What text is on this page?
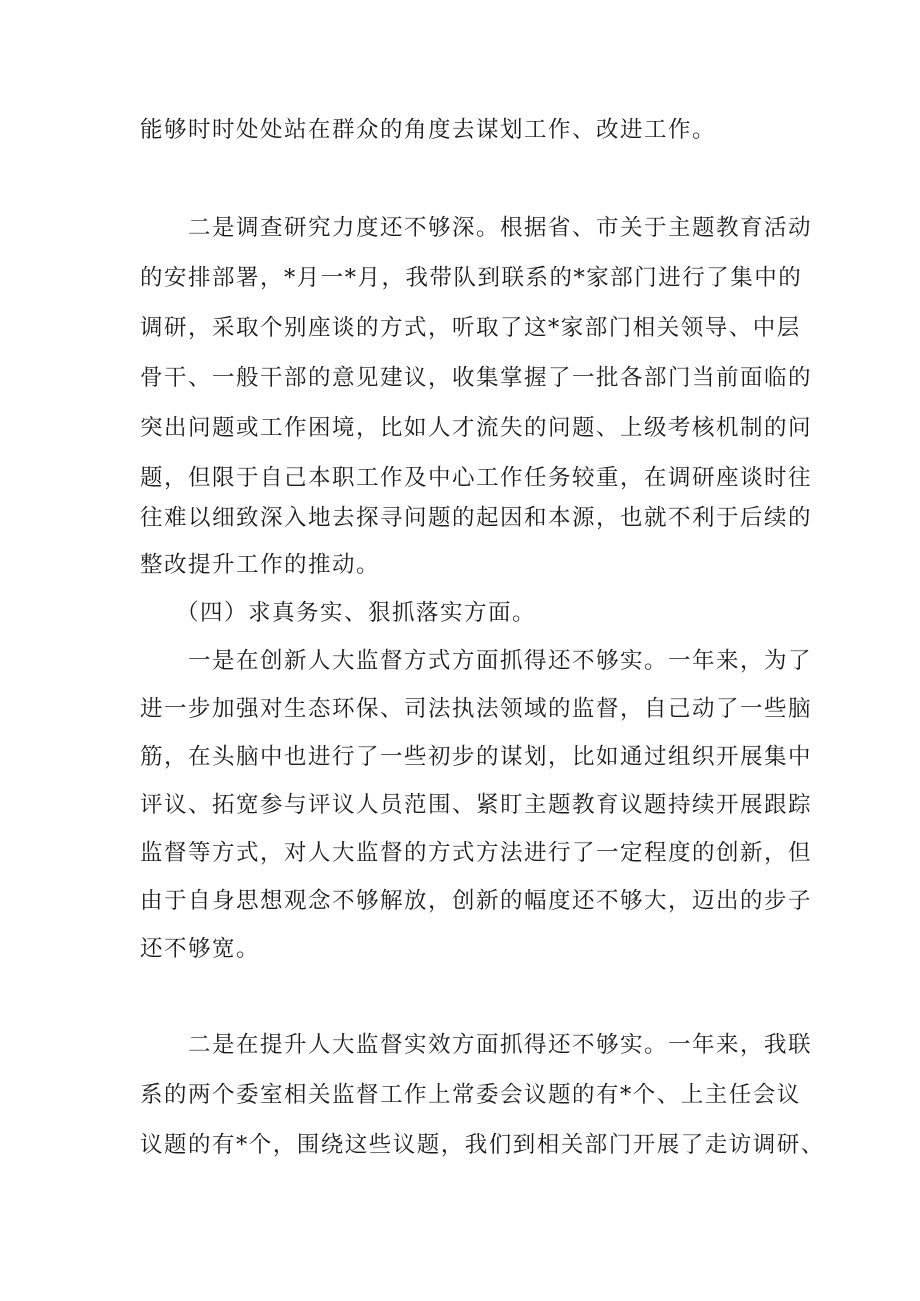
能够时时处处站在群众的角度去谋划工作、改进工作。
二是调查研究力度还不够深。根据省、市关于主题教育活动
的安排部署，*月一*月，我带队到联系的*家部门进行了集中的
调研，采取个别座谈的方式，听取了这*家部门相关领导、中层
骨干、一般干部的意见建议，收集掌握了一批各部门当前面临的
突出问题或工作困境，比如人才流失的问题、上级考核机制的问
题，但限于自己本职工作及中心工作任务较重，在调研座谈时往
往难以细致深入地去探寻问题的起因和本源，也就不利于后续的
整改提升工作的推动。
（四）求真务实、狠抓落实方面。
一是在创新人大监督方式方面抓得还不够实。一年来，为了
进一步加强对生态环保、司法执法领域的监督，自己动了一些脑
筋，在头脑中也进行了一些初步的谋划，比如通过组织开展集中
评议、拓宽参与评议人员范围、紧盯主题教育议题持续开展跟踪
监督等方式，对人大监督的方式方法进行了一定程度的创新，但
由于自身思想观念不够解放，创新的幅度还不够大，迈出的步子
还不够宽。
二是在提升人大监督实效方面抓得还不够实。一年来，我联
系的两个委室相关监督工作上常委会议题的有*个、上主任会议
议题的有*个，围绕这些议题，我们到相关部门开展了走访调研、
